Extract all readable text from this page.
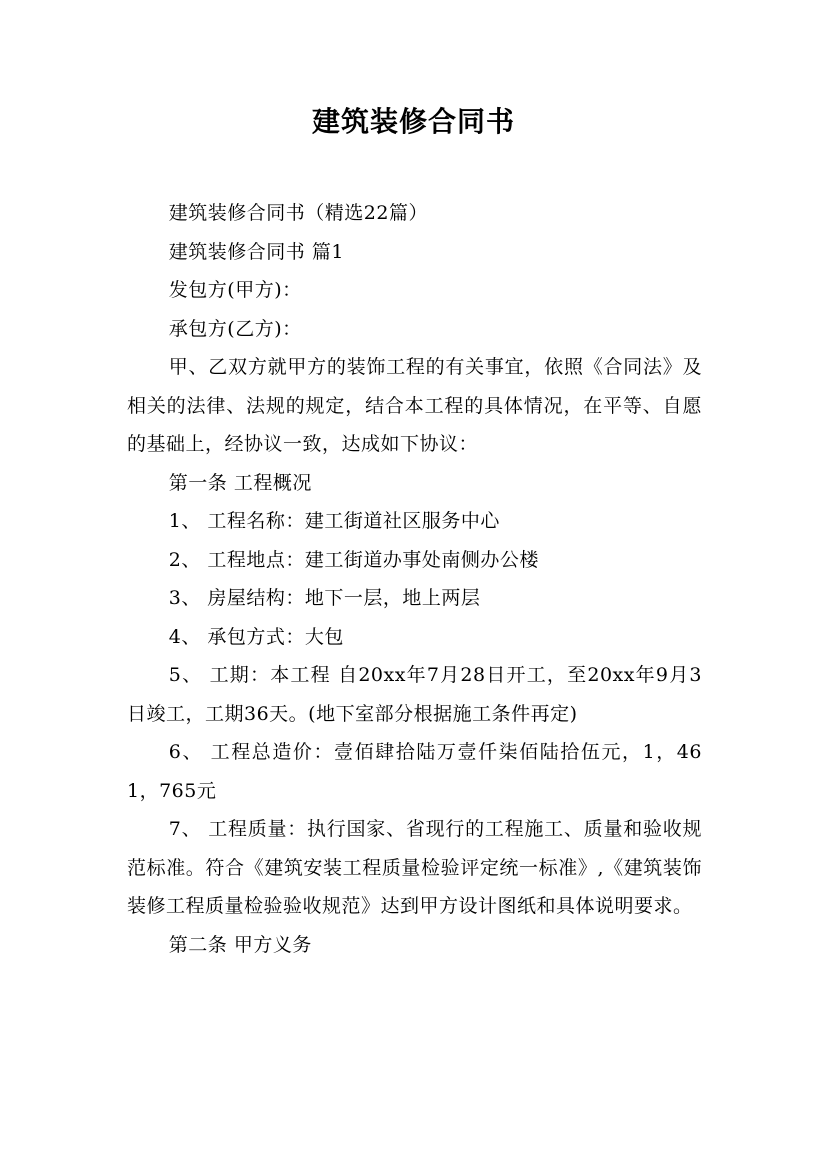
建筑装修合同书

建筑装修合同书（精选22篇）

建筑装修合同书 篇1

发包方(甲方)：

承包方(乙方)：

甲、乙双方就甲方的装饰工程的有关事宜，依照《合同法》及相关的法律、法规的规定，结合本工程的具体情况，在平等、自愿的基础上，经协议一致，达成如下协议：

第一条 工程概况

1、 工程名称：建工街道社区服务中心

2、 工程地点：建工街道办事处南侧办公楼

3、 房屋结构：地下一层，地上两层

4、 承包方式：大包

5、 工期：本工程 自20xx年7月28日开工，至20xx年9月3日竣工，工期36天。(地下室部分根据施工条件再定)

6、 工程总造价：壹佰肆拾陆万壹仟柒佰陆拾伍元，1，461，765元

7、 工程质量：执行国家、省现行的工程施工、质量和验收规范标准。符合《建筑安装工程质量检验评定统一标准》,《建筑装饰装修工程质量检验验收规范》达到甲方设计图纸和具体说明要求。

第二条 甲方义务
